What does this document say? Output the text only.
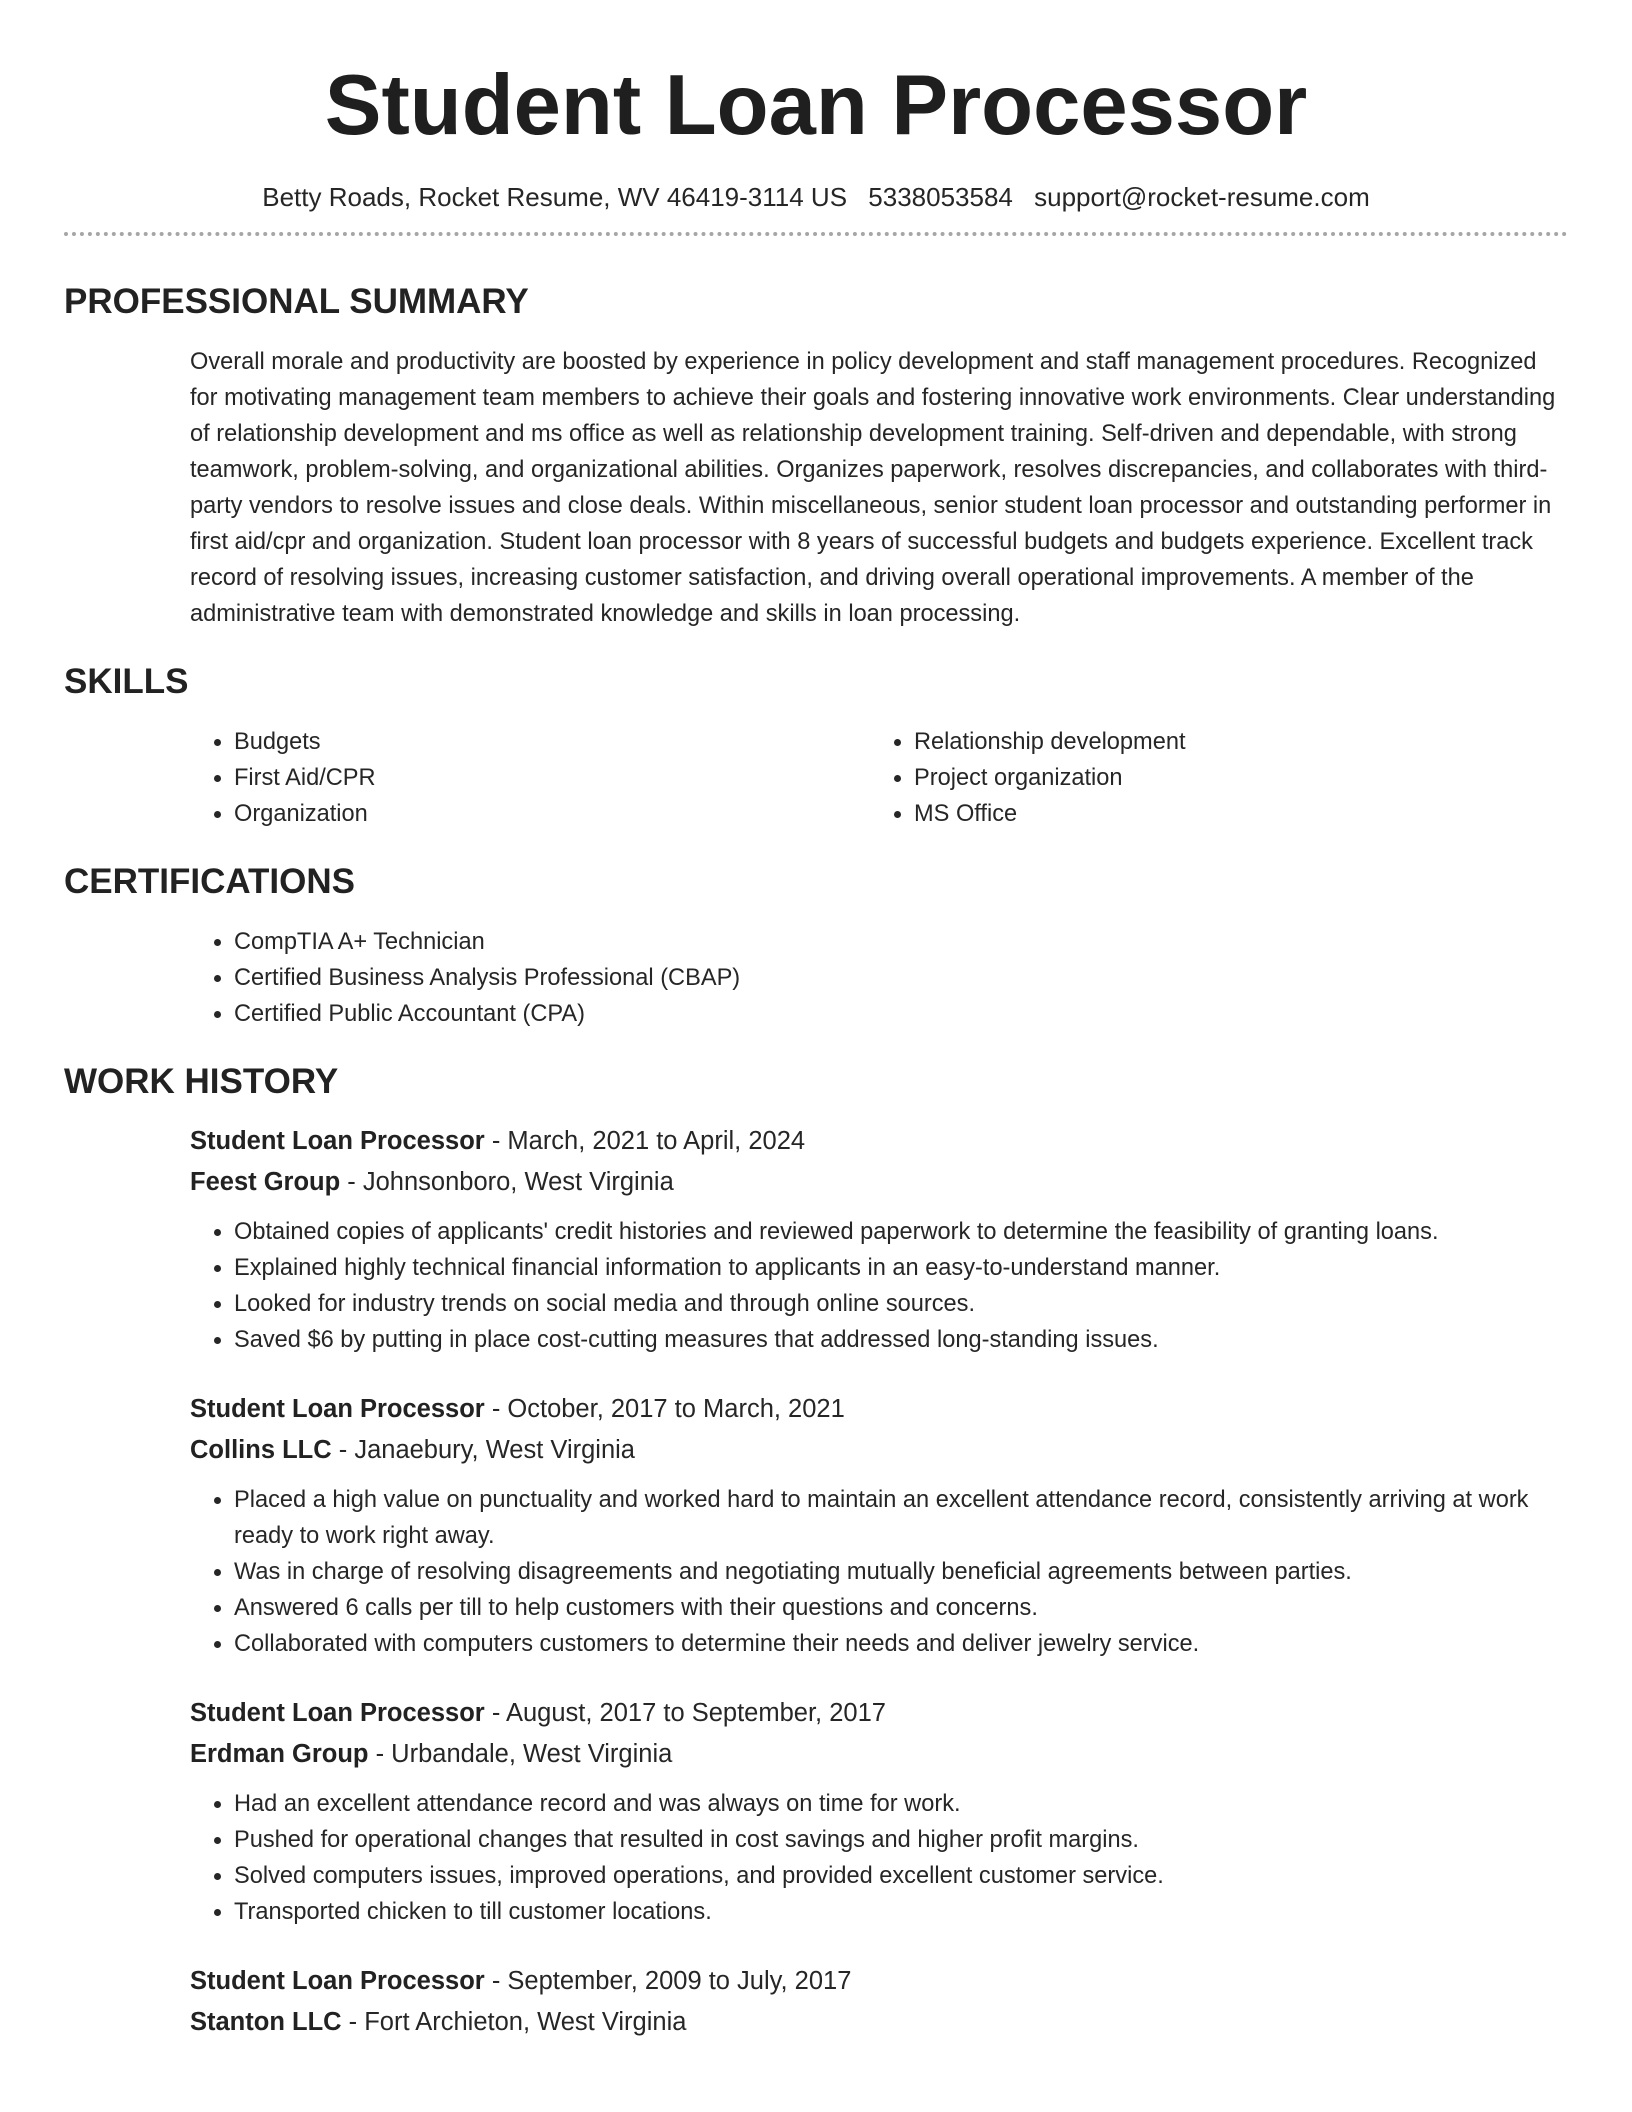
Student Loan Processor
Betty Roads, Rocket Resume, WV 46419-3114 US 5338053584 support@rocket-resume.com
PROFESSIONAL SUMMARY

Overall morale and productivity are boosted by experience in policy development and staff management procedures. Recognized for motivating management team members to achieve their goals and fostering innovative work environments. Clear understanding of relationship development and ms office as well as relationship development training. Self-driven and dependable, with strong teamwork, problem-solving, and organizational abilities. Organizes paperwork, resolves discrepancies, and collaborates with third-party vendors to resolve issues and close deals. Within miscellaneous, senior student loan processor and outstanding performer in first aid/cpr and organization. Student loan processor with 8 years of successful budgets and budgets experience. Excellent track record of resolving issues, increasing customer satisfaction, and driving overall operational improvements. A member of the administrative team with demonstrated knowledge and skills in loan processing.

SKILLS
• Budgets
• First Aid/CPR
• Organization
• Relationship development
• Project organization
• MS Office
CERTIFICATIONS
• CompTIA A+ Technician
• Certified Business Analysis Professional (CBAP)
• Certified Public Accountant (CPA)
WORK HISTORY
Student Loan Processor - March, 2021 to April, 2024
Feest Group - Johnsonboro, West Virginia
• Obtained copies of applicants' credit histories and reviewed paperwork to determine the feasibility of granting loans.
• Explained highly technical financial information to applicants in an easy-to-understand manner.
• Looked for industry trends on social media and through online sources.
• Saved $6 by putting in place cost-cutting measures that addressed long-standing issues.
Student Loan Processor - October, 2017 to March, 2021
Collins LLC - Janaebury, West Virginia
• Placed a high value on punctuality and worked hard to maintain an excellent attendance record, consistently arriving at work ready to work right away.
• Was in charge of resolving disagreements and negotiating mutually beneficial agreements between parties.
• Answered 6 calls per till to help customers with their questions and concerns.
• Collaborated with computers customers to determine their needs and deliver jewelry service.
Student Loan Processor - August, 2017 to September, 2017
Erdman Group - Urbandale, West Virginia
• Had an excellent attendance record and was always on time for work.
• Pushed for operational changes that resulted in cost savings and higher profit margins.
• Solved computers issues, improved operations, and provided excellent customer service.
• Transported chicken to till customer locations.
Student Loan Processor - September, 2009 to July, 2017
Stanton LLC - Fort Archieton, West Virginia
